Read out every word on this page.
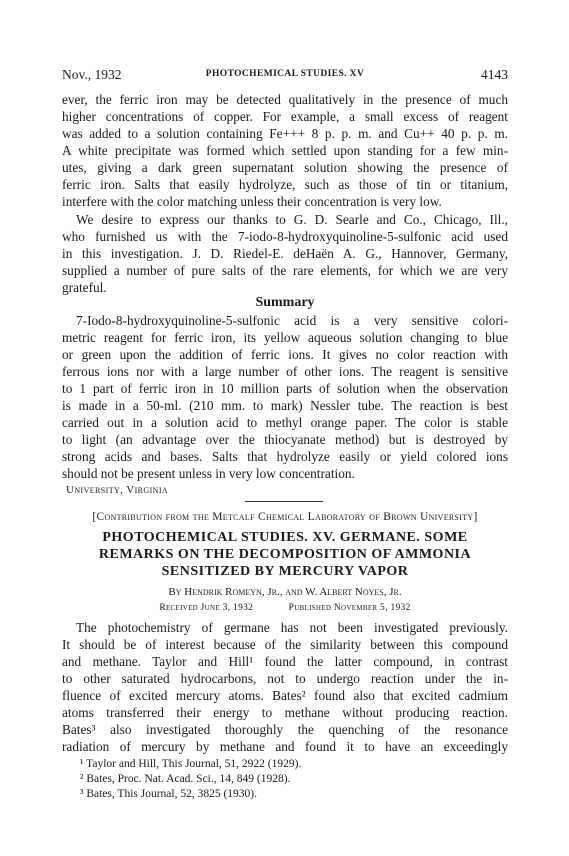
Nov., 1932	PHOTOCHEMICAL STUDIES. XV	4143
ever, the ferric iron may be detected qualitatively in the presence of much
higher concentrations of copper. For example, a small excess of reagent
was added to a solution containing Fe+++ 8 p. p. m. and Cu++ 40 p. p. m.
A white precipitate was formed which settled upon standing for a few min-
utes, giving a dark green supernatant solution showing the presence of
ferric iron. Salts that easily hydrolyze, such as those of tin or titanium,
interfere with the color matching unless their concentration is very low.
We desire to express our thanks to G. D. Searle and Co., Chicago, Ill.,
who furnished us with the 7-iodo-8-hydroxyquinoline-5-sulfonic acid used
in this investigation. J. D. Riedel-E. deHaën A. G., Hannover, Germany,
supplied a number of pure salts of the rare elements, for which we are very
grateful.
Summary
7-Iodo-8-hydroxyquinoline-5-sulfonic acid is a very sensitive colori-
metric reagent for ferric iron, its yellow aqueous solution changing to blue
or green upon the addition of ferric ions. It gives no color reaction with
ferrous ions nor with a large number of other ions. The reagent is sensitive
to 1 part of ferric iron in 10 million parts of solution when the observation
is made in a 50-ml. (210 mm. to mark) Nessler tube. The reaction is best
carried out in a solution acid to methyl orange paper. The color is stable
to light (an advantage over the thiocyanate method) but is destroyed by
strong acids and bases. Salts that hydrolyze easily or yield colored ions
should not be present unless in very low concentration.
University, Virginia
[Contribution from the Metcalf Chemical Laboratory of Brown University]
PHOTOCHEMICAL STUDIES. XV. GERMANE. SOME
REMARKS ON THE DECOMPOSITION OF AMMONIA
SENSITIZED BY MERCURY VAPOR
By Hendrik Romeyn, Jr., and W. Albert Noyes, Jr.
Received June 3, 1932	Published November 5, 1932
The photochemistry of germane has not been investigated previously.
It should be of interest because of the similarity between this compound
and methane. Taylor and Hill¹ found the latter compound, in contrast
to other saturated hydrocarbons, not to undergo reaction under the in-
fluence of excited mercury atoms. Bates² found also that excited cadmium
atoms transferred their energy to methane without producing reaction.
Bates³ also investigated thoroughly the quenching of the resonance
radiation of mercury by methane and found it to have an exceedingly
¹ Taylor and Hill, This Journal, 51, 2922 (1929).
² Bates, Proc. Nat. Acad. Sci., 14, 849 (1928).
³ Bates, This Journal, 52, 3825 (1930).
